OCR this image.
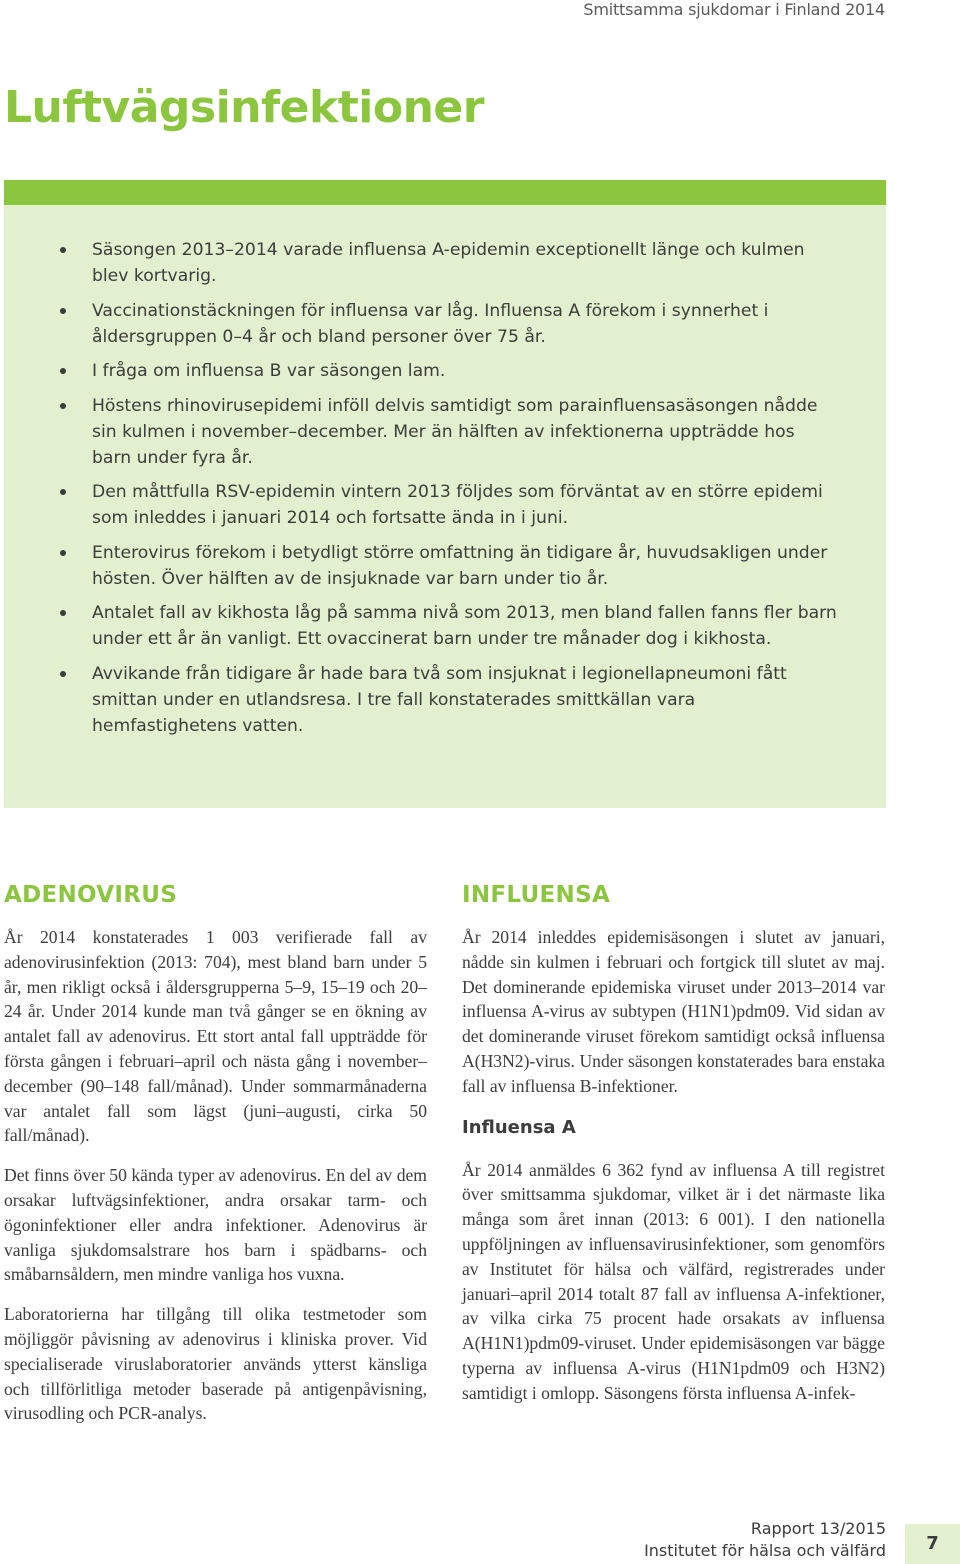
Smittsamma sjukdomar i Finland 2014
Luftvägsinfektioner
Säsongen 2013–2014 varade influensa A-epidemin exceptionellt länge och kulmen blev kortvarig.
Vaccinationstäckningen för influensa var låg. Influensa A förekom i synnerhet i åldersgruppen 0–4 år och bland personer över 75 år.
I fråga om influensa B var säsongen lam.
Höstens rhinovirusepidemi inföll delvis samtidigt som parainfluensasäsongen nådde sin kulmen i november–december. Mer än hälften av infektionerna uppträdde hos barn under fyra år.
Den måttfulla RSV-epidemin vintern 2013 följdes som förväntat av en större epidemi som inleddes i januari 2014 och fortsatte ända in i juni.
Enterovirus förekom i betydligt större omfattning än tidigare år, huvudsakligen under hösten. Över hälften av de insjuknade var barn under tio år.
Antalet fall av kikhosta låg på samma nivå som 2013, men bland fallen fanns fler barn under ett år än vanligt. Ett ovaccinerat barn under tre månader dog i kikhosta.
Avvikande från tidigare år hade bara två som insjuknat i legionellapneumoni fått smittan under en utlandsresa. I tre fall konstaterades smittkällan vara hemfastighetens vatten.
ADENOVIRUS

År 2014 konstaterades 1 003 verifierade fall av adenovirusinfektion (2013: 704), mest bland barn under 5 år, men rikligt också i åldersgrupperna 5–9, 15–19 och 20–24 år. Under 2014 kunde man två gånger se en ökning av antalet fall av adenovirus. Ett stort antal fall uppträdde för första gången i februari–april och nästa gång i november–december (90–148 fall/månad). Under sommarmånaderna var antalet fall som lägst (juni–augusti, cirka 50 fall/månad).

Det finns över 50 kända typer av adenovirus. En del av dem orsakar luftvägsinfektioner, andra orsakar tarm- och ögoninfektioner eller andra infektioner. Adenovirus är vanliga sjukdomsalstrare hos barn i spädbarns- och småbarnsåldern, men mindre vanliga hos vuxna.

Laboratorierna har tillgång till olika testmetoder som möjliggör påvisning av adenovirus i kliniska prover. Vid specialiserade viruslaboratorier används ytterst känsliga och tillförlitliga metoder baserade på antigenpåvisning, virusodling och PCR-analys.

INFLUENSA

År 2014 inleddes epidemisäsongen i slutet av januari, nådde sin kulmen i februari och fortgick till slutet av maj. Det dominerande epidemiska viruset under 2013–2014 var influensa A-virus av subtypen (H1N1)pdm09. Vid sidan av det dominerande viruset förekom samtidigt också influensa A(H3N2)-virus. Under säsongen konstaterades bara enstaka fall av influensa B-infektioner.

Influensa A

År 2014 anmäldes 6 362 fynd av influensa A till registret över smittsamma sjukdomar, vilket är i det närmaste lika många som året innan (2013: 6 001). I den nationella uppföljningen av influensavirusinfektioner, som genomförs av Institutet för hälsa och välfärd, registrerades under januari–april 2014 totalt 87 fall av influensa A-infektioner, av vilka cirka 75 procent hade orsakats av influensa A(H1N1)pdm09-viruset. Under epidemisäsongen var bägge typerna av influensa A-virus (H1N1pdm09 och H3N2) samtidigt i omlopp. Säsongens första influensa A-infek-

Rapport 13/2015
Institutet för hälsa och välfärd	7
